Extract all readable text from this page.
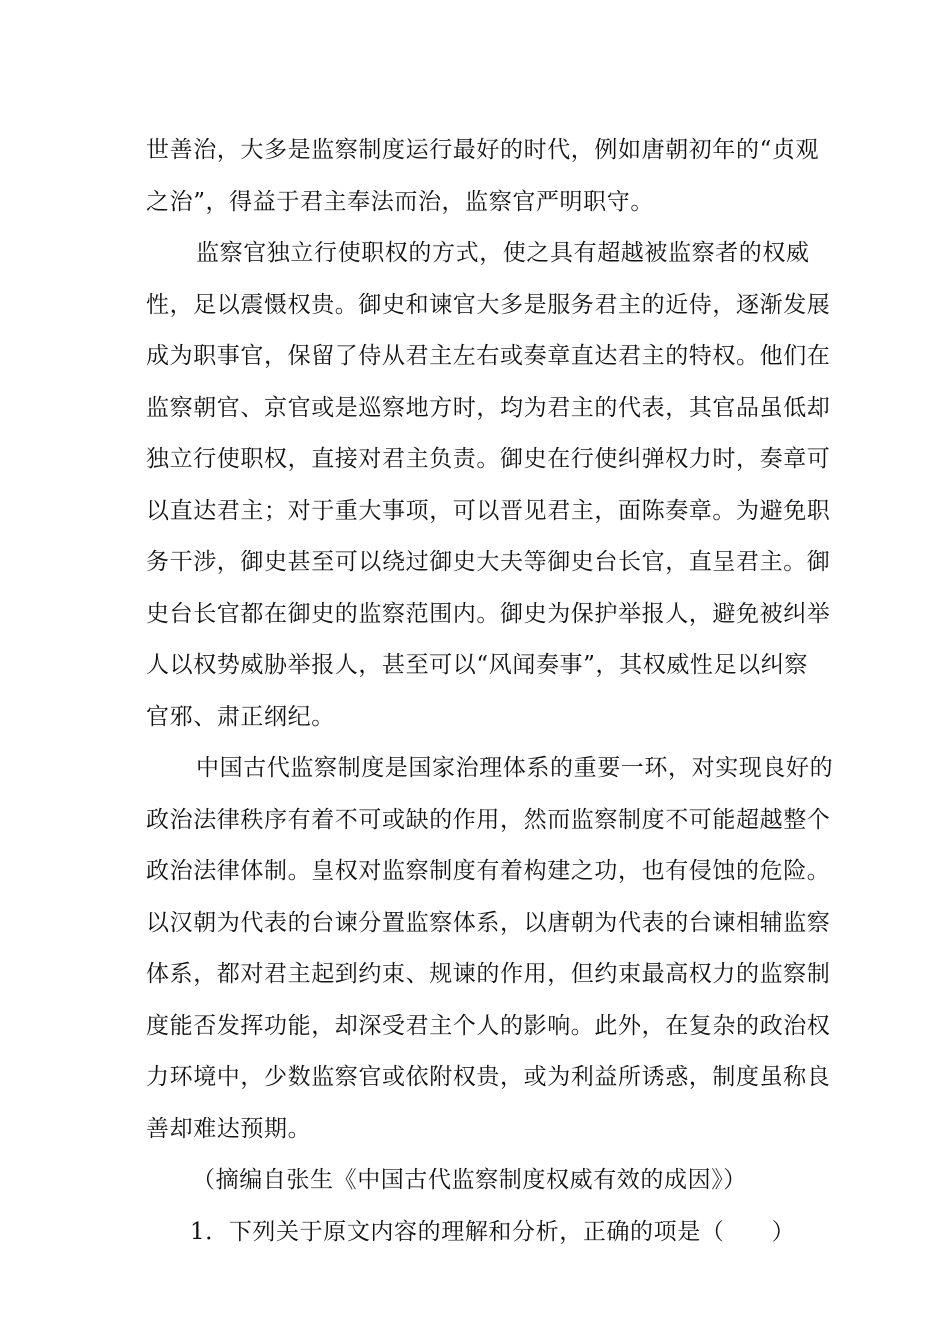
世善治，大多是监察制度运行最好的时代，例如唐朝初年的“贞观
之治”，得益于君主奉法而治，监察官严明职守。
监察官独立行使职权的方式，使之具有超越被监察者的权威
性，足以震慑权贵。御史和谏官大多是服务君主的近侍，逐渐发展
成为职事官，保留了侍从君主左右或奏章直达君主的特权。他们在
监察朝官、京官或是巡察地方时，均为君主的代表，其官品虽低却
独立行使职权，直接对君主负责。御史在行使纠弹权力时，奏章可
以直达君主；对于重大事项，可以晋见君主，面陈奏章。为避免职
务干涉，御史甚至可以绕过御史大夫等御史台长官，直呈君主。御
史台长官都在御史的监察范围内。御史为保护举报人，避免被纠举
人以权势威胁举报人，甚至可以“风闻奏事”，其权威性足以纠察
官邪、肃正纲纪。
中国古代监察制度是国家治理体系的重要一环，对实现良好的
政治法律秩序有着不可或缺的作用，然而监察制度不可能超越整个
政治法律体制。皇权对监察制度有着构建之功，也有侵蚀的危险。
以汉朝为代表的台谏分置监察体系，以唐朝为代表的台谏相辅监察
体系，都对君主起到约束、规谏的作用，但约束最高权力的监察制
度能否发挥功能，却深受君主个人的影响。此外，在复杂的政治权
力环境中，少数监察官或依附权贵，或为利益所诱惑，制度虽称良
善却难达预期。
（摘编自张生《中国古代监察制度权威有效的成因》）
1．下列关于原文内容的理解和分析，正确的项是（　　）
